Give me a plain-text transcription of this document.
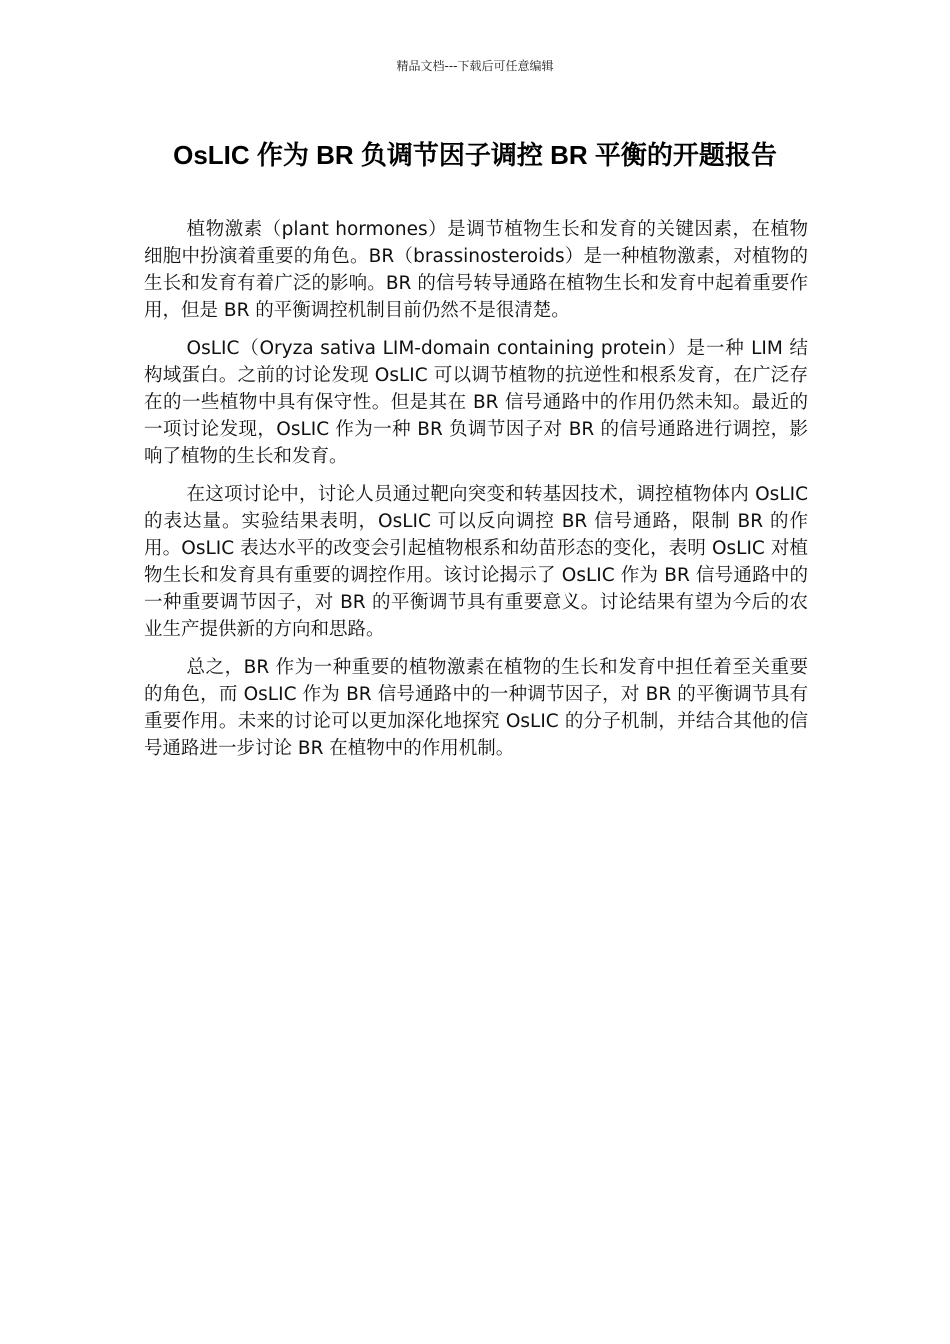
精品文档---下载后可任意编辑
OsLIC 作为 BR 负调节因子调控 BR 平衡的开题报告

植物激素（plant hormones）是调节植物生长和发育的关键因素，在植物细胞中扮演着重要的角色。BR（brassinosteroids）是一种植物激素，对植物的生长和发育有着广泛的影响。BR 的信号转导通路在植物生长和发育中起着重要作用，但是 BR 的平衡调控机制目前仍然不是很清楚。

OsLIC（Oryza sativa LIM-domain containing protein）是一种 LIM 结构域蛋白。之前的讨论发现 OsLIC 可以调节植物的抗逆性和根系发育，在广泛存在的一些植物中具有保守性。但是其在 BR 信号通路中的作用仍然未知。最近的一项讨论发现，OsLIC 作为一种 BR 负调节因子对 BR 的信号通路进行调控，影响了植物的生长和发育。

在这项讨论中，讨论人员通过靶向突变和转基因技术，调控植物体内 OsLIC 的表达量。实验结果表明，OsLIC 可以反向调控 BR 信号通路，限制 BR 的作用。OsLIC 表达水平的改变会引起植物根系和幼苗形态的变化，表明 OsLIC 对植物生长和发育具有重要的调控作用。该讨论揭示了 OsLIC 作为 BR 信号通路中的一种重要调节因子，对 BR 的平衡调节具有重要意义。讨论结果有望为今后的农业生产提供新的方向和思路。

总之，BR 作为一种重要的植物激素在植物的生长和发育中担任着至关重要的角色，而 OsLIC 作为 BR 信号通路中的一种调节因子，对 BR 的平衡调节具有重要作用。未来的讨论可以更加深化地探究 OsLIC 的分子机制，并结合其他的信号通路进一步讨论 BR 在植物中的作用机制。
